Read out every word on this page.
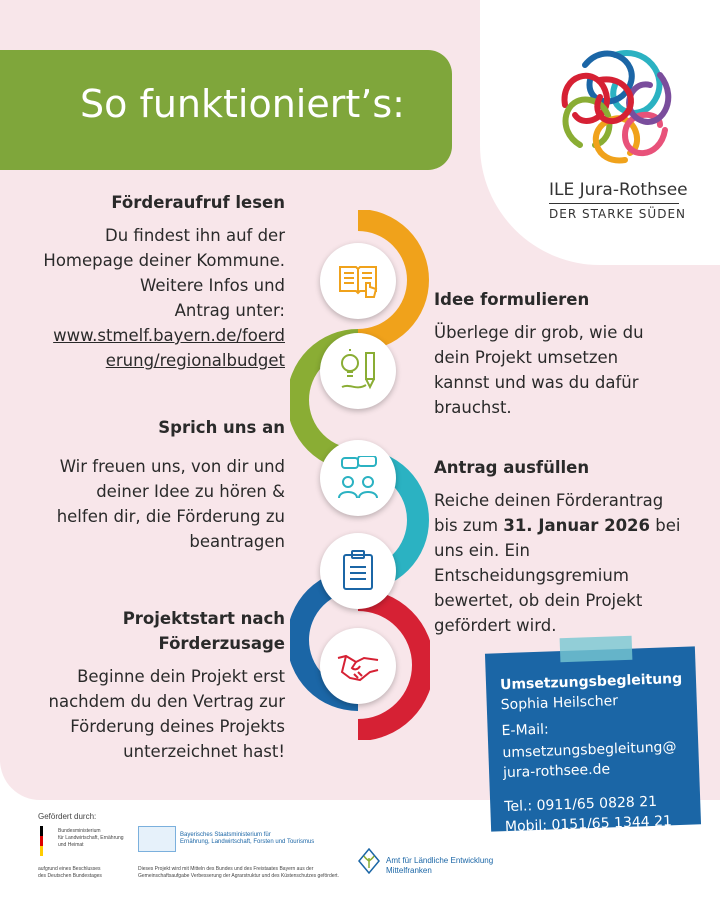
So funktioniert’s:
ILE Jura-Rothsee
DER STARKE SÜDEN
Förderaufruf lesen
Du findest ihn auf der
Homepage deiner Kommune.
Weitere Infos und
Antrag unter:
www.stmelf.bayern.de/foerd
erung/regionalbudget
Idee formulieren
Überlege dir grob, wie du
dein Projekt umsetzen
kannst und was du dafür
brauchst.
Sprich uns an
Wir freuen uns, von dir und
deiner Idee zu hören &
helfen dir, die Förderung zu
beantragen
Antrag ausfüllen
Reiche deinen Förderantrag
bis zum 31. Januar 2026 bei
uns ein. Ein
Entscheidungsgremium
bewertet, ob dein Projekt
gefördert wird.
Projektstart nach
Förderzusage
Beginne dein Projekt erst
nachdem du den Vertrag zur
Förderung deines Projekts
unterzeichnet hast!
Umsetzungsbegleitung
Sophia Heilscher
E-Mail:
umsetzungsbegleitung@
jura-rothsee.de
Tel.: 0911/65 0828 21
Mobil: 0151/65 1344 21
Gefördert durch:
Bundesministerium
für Landwirtschaft, Ernährung
und Heimat
aufgrund eines Beschlusses
des Deutschen Bundestages
Bayerisches Staatsministerium für
Ernährung, Landwirtschaft, Forsten und Tourismus
Dieses Projekt wird mit Mitteln des Bundes und des Freistaates Bayern aus der
Gemeinschaftsaufgabe Verbesserung der Agrarstruktur und des Küstenschutzes gefördert.
Amt für Ländliche Entwicklung
Mittelfranken
